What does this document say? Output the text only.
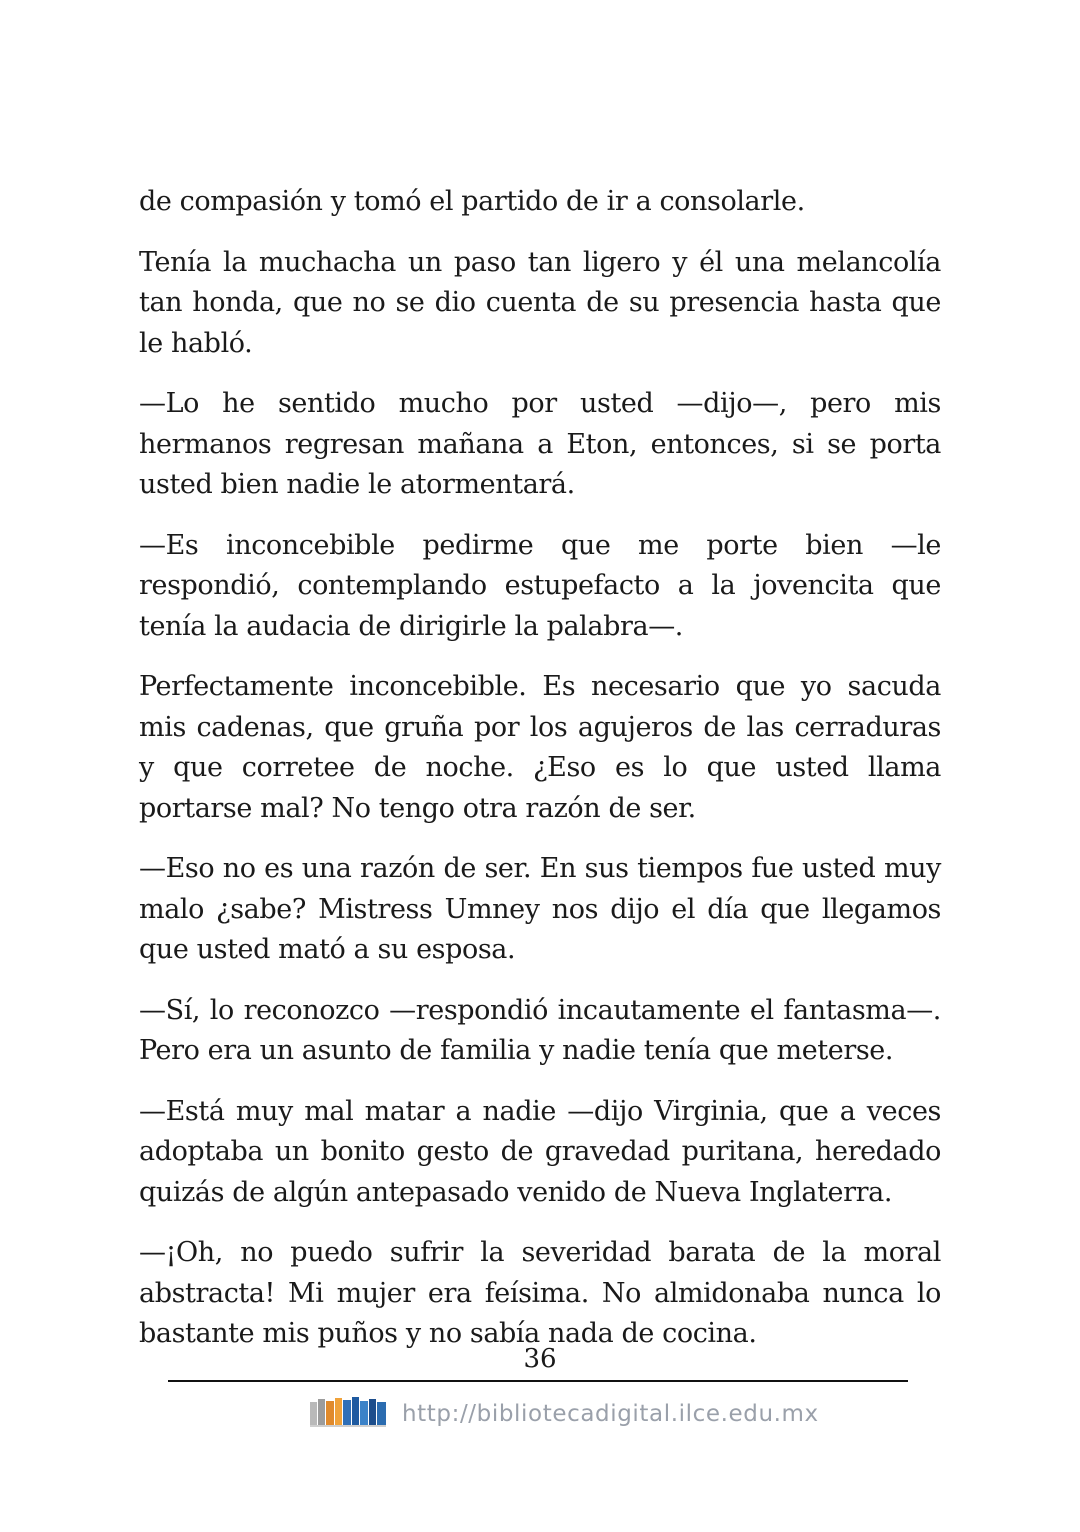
de compasión y tomó el partido de ir a consolarle.

Tenía la muchacha un paso tan ligero y él una melancolía tan honda, que no se dio cuenta de su presencia hasta que le habló.

—Lo he sentido mucho por usted —dijo—, pero mis hermanos regresan mañana a Eton, entonces, si se porta usted bien nadie le atormentará.

—Es inconcebible pedirme que me porte bien —le respondió, contemplando estupefacto a la jovencita que tenía la audacia de dirigirle la palabra—.

Perfectamente inconcebible. Es necesario que yo sacuda mis cadenas, que gruña por los agujeros de las cerraduras y que corretee de noche. ¿Eso es lo que usted llama portarse mal? No tengo otra razón de ser.

—Eso no es una razón de ser. En sus tiempos fue usted muy malo ¿sabe? Mistress Umney nos dijo el día que llegamos que usted mató a su esposa.

—Sí, lo reconozco —respondió incautamente el fantasma—. Pero era un asunto de familia y nadie tenía que meterse.

—Está muy mal matar a nadie —dijo Virginia, que a veces adoptaba un bonito gesto de gravedad puritana, heredado quizás de algún antepasado venido de Nueva Inglaterra.

—¡Oh, no puedo sufrir la severidad barata de la moral abstracta! Mi mujer era feísima. No almidonaba nunca lo bastante mis puños y no sabía nada de cocina.

36
http://bibliotecadigital.ilce.edu.mx
